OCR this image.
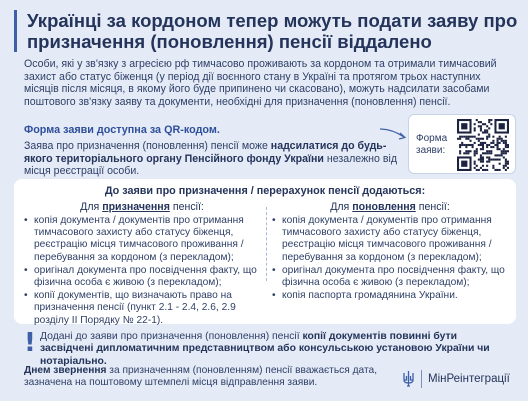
Українці за кордоном тепер можуть подати заяву про призначення (поновлення) пенсії віддалено

Особи, які у зв'язку з агресією рф тимчасово проживають за кордоном та отримали тимчасовий захист або статус біженця (у період дії воєнного стану в Україні та протягом трьох наступних місяців після місяця, в якому його буде припинено чи скасовано), можуть надсилати засобами поштового зв'язку заяву та документи, необхідні для призначення (поновлення) пенсії.

Форма заяви доступна за QR-кодом.

Заява про призначення (поновлення) пенсії може надсилатися до будь-якого територіального органу Пенсійного фонду України незалежно від місця реєстрації особи.

Форма
заяви:
До заяви про призначення / перерахунок пенсії додаються:
Для призначення пенсії:
• копія документа / документів про отримання тимчасового захисту або статусу біженця, реєстрацію місця тимчасового проживання / перебування за кордоном (з перекладом);
• оригінал документа про посвідчення факту, що фізична особа є живою (з перекладом);
• копії документів, що визначають право на призначення пенсії (пункт 2.1 - 2.4, 2.6, 2.9 розділу II Порядку № 22-1).
Для поновлення пенсії:
• копія документа / документів про отримання тимчасового захисту або статусу біженця, реєстрацію місця тимчасового проживання / перебування за кордоном (з перекладом);
• оригінал документа про посвідчення факту, що фізична особа є живою (з перекладом);
• копія паспорта громадянина України.
! Додані до заяви про призначення (поновлення) пенсії копії документів повинні бути засвідчені дипломатичним представництвом або консульською установою України чи нотаріально.

Днем звернення за призначенням (поновленням) пенсії вважається дата, зазначена на поштовому штемпелі місця відправлення заяви.	МінРеінтеграції
